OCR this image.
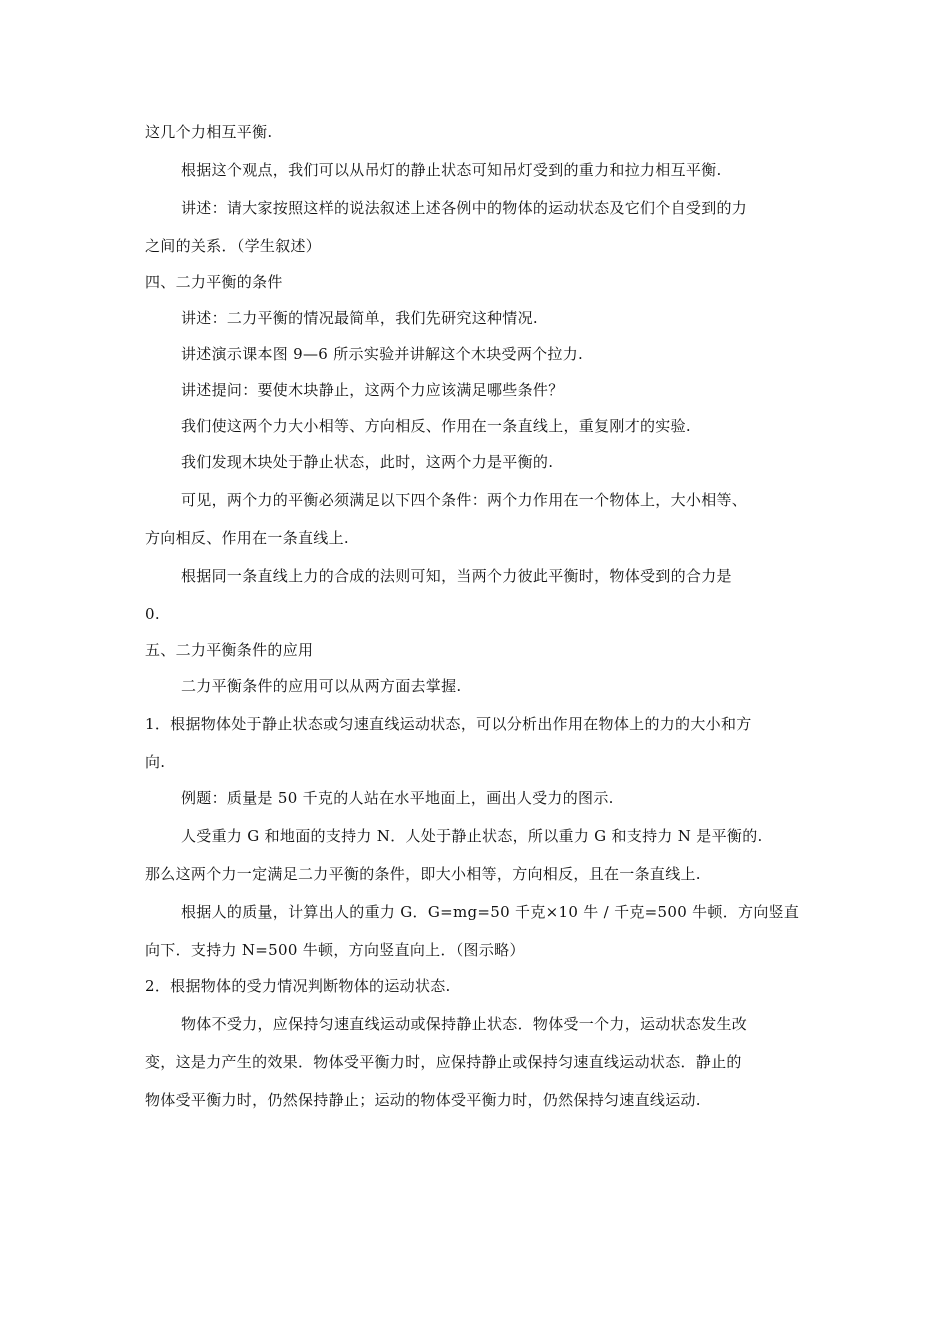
这几个力相互平衡.
根据这个观点，我们可以从吊灯的静止状态可知吊灯受到的重力和拉力相互平衡.
讲述：请大家按照这样的说法叙述上述各例中的物体的运动状态及它们个自受到的力
之间的关系．（学生叙述）
四、二力平衡的条件
讲述：二力平衡的情况最简单，我们先研究这种情况.
讲述演示课本图 9—6 所示实验并讲解这个木块受两个拉力.
讲述提问：要使木块静止，这两个力应该满足哪些条件？
我们使这两个力大小相等、方向相反、作用在一条直线上，重复刚才的实验.
我们发现木块处于静止状态，此时，这两个力是平衡的.
可见，两个力的平衡必须满足以下四个条件：两个力作用在一个物体上，大小相等、
方向相反、作用在一条直线上.
根据同一条直线上力的合成的法则可知，当两个力彼此平衡时，物体受到的合力是
0.
五、二力平衡条件的应用
二力平衡条件的应用可以从两方面去掌握.
1．根据物体处于静止状态或匀速直线运动状态，可以分析出作用在物体上的力的大小和方
向.
例题：质量是 50 千克的人站在水平地面上，画出人受力的图示.
人受重力 G 和地面的支持力 N．人处于静止状态，所以重力 G 和支持力 N 是平衡的.
那么这两个力一定满足二力平衡的条件，即大小相等，方向相反，且在一条直线上.
根据人的质量，计算出人的重力 G．G=mg=50 千克×10 牛 / 千克=500 牛顿．方向竖直
向下．支持力 N=500 牛顿，方向竖直向上．（图示略）
2．根据物体的受力情况判断物体的运动状态.
物体不受力，应保持匀速直线运动或保持静止状态．物体受一个力，运动状态发生改
变，这是力产生的效果．物体受平衡力时，应保持静止或保持匀速直线运动状态．静止的
物体受平衡力时，仍然保持静止；运动的物体受平衡力时，仍然保持匀速直线运动.
